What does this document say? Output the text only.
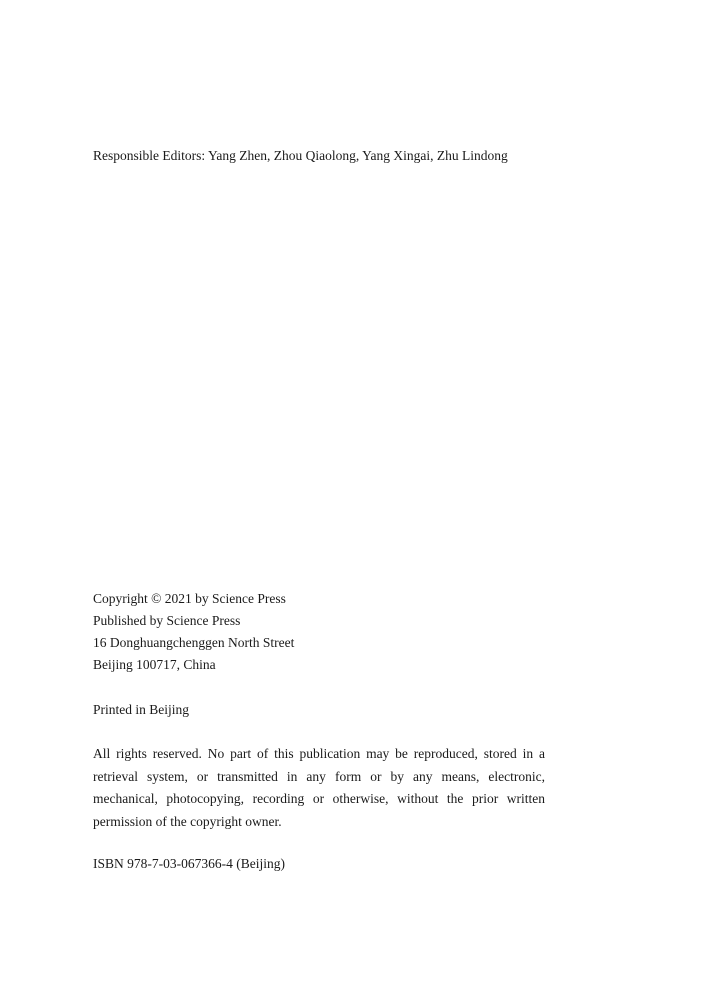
Responsible Editors: Yang Zhen, Zhou Qiaolong, Yang Xingai, Zhu Lindong
Copyright © 2021 by Science Press
Published by Science Press
16 Donghuangchenggen North Street
Beijing 100717, China
Printed in Beijing
All rights reserved. No part of this publication may be reproduced, stored in a retrieval system, or transmitted in any form or by any means, electronic, mechanical, photocopying, recording or otherwise, without the prior written permission of the copyright owner.
ISBN 978-7-03-067366-4 (Beijing)
